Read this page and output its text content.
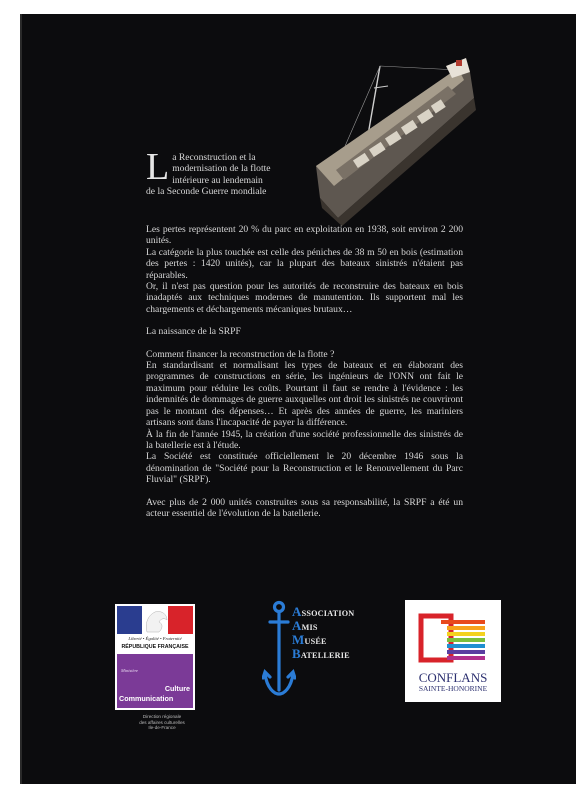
La Reconstruction et la modernisation de la flotte intérieure au lendemain de la Seconde Guerre mondiale

Les pertes représentent 20 % du parc en exploitation en 1938, soit environ 2 200 unités.

La catégorie la plus touchée est celle des péniches de 38 m 50 en bois (estimation des pertes : 1420 unités), car la plupart des bateaux sinistrés n'étaient pas réparables.

Or, il n'est pas question pour les autorités de reconstruire des bateaux en bois inadaptés aux techniques modernes de manutention. Ils supportent mal les chargements et déchargements mécaniques brutaux…

La naissance de la SRPF

Comment financer la reconstruction de la flotte ?

En standardisant et normalisant les types de bateaux et en élaborant des programmes de constructions en série, les ingénieurs de l'ONN ont fait le maximum pour réduire les coûts. Pourtant il faut se rendre à l'évidence : les indemnités de dommages de guerre auxquelles ont droit les sinistrés ne couvriront pas le montant des dépenses… Et après des années de guerre, les mariniers artisans sont dans l'incapacité de payer la différence.

À la fin de l'année 1945, la création d'une société professionnelle des sinistrés de la batellerie est à l'étude.

La Société est constituée officiellement le 20 décembre 1946 sous la dénomination de "Société pour la Reconstruction et le Renouvellement du Parc Fluvial" (SRPF).

Avec plus de 2 000 unités construites sous sa responsabilité, la SRPF a été un acteur essentiel de l'évolution de la batellerie.

Liberté • Égalité • Fraternité
RÉPUBLIQUE FRANÇAISE
Ministère
Culture
Communication
Direction régionale
des affaires culturelles
Ile-de-France
ASSOCIATION
AMIS
MUSÉE
BATELLERIE
CONFLANS
SAINTE-HONORINE
